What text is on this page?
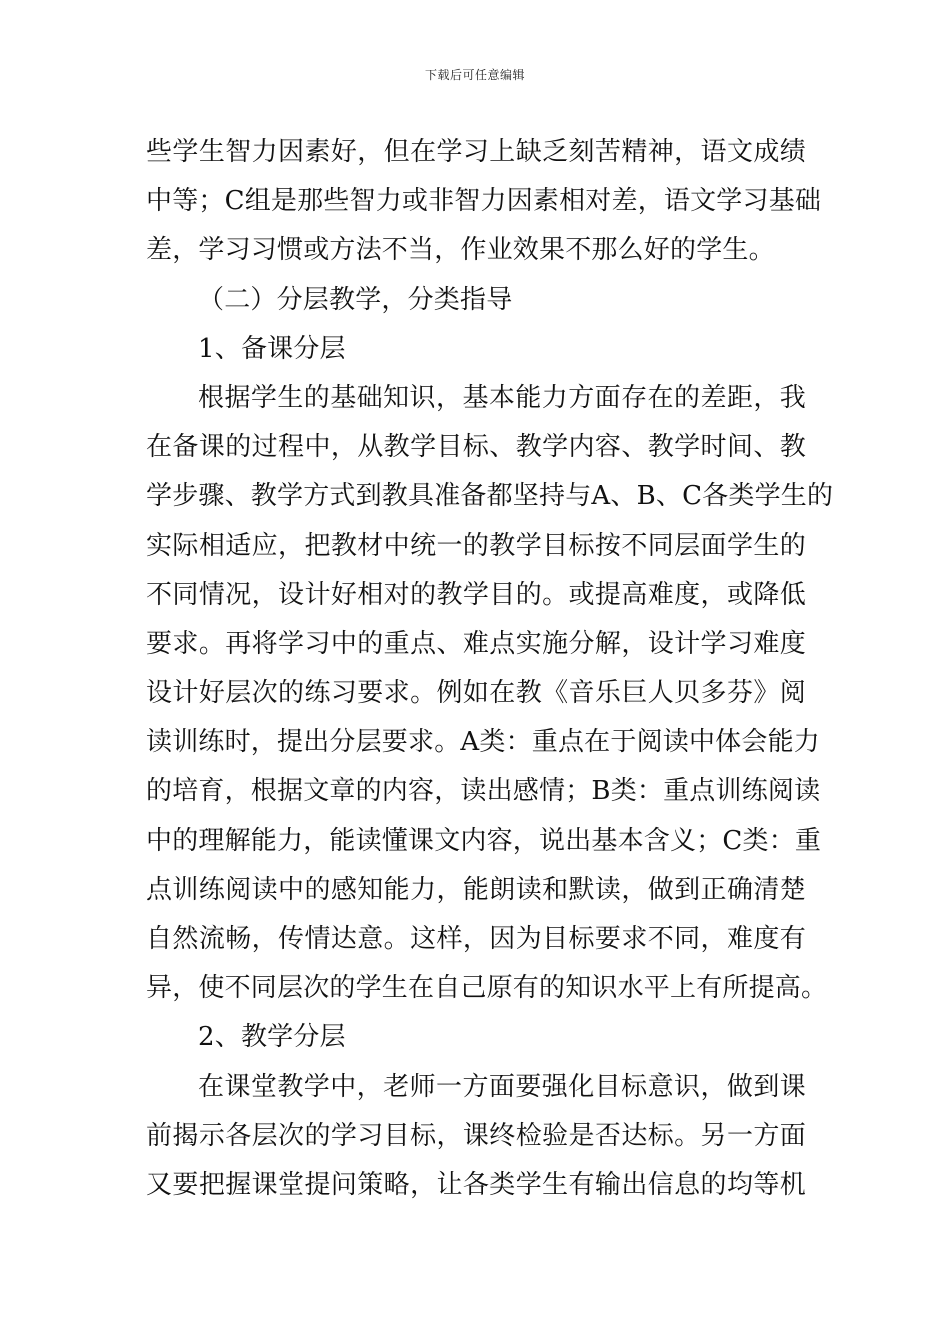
下载后可任意编辑
些学生智力因素好，但在学习上缺乏刻苦精神，语文成绩
中等；C组是那些智力或非智力因素相对差，语文学习基础
差，学习习惯或方法不当，作业效果不那么好的学生。
（二）分层教学，分类指导
1、备课分层
根据学生的基础知识，基本能力方面存在的差距，我
在备课的过程中，从教学目标、教学内容、教学时间、教
学步骤、教学方式到教具准备都坚持与A、B、C各类学生的
实际相适应，把教材中统一的教学目标按不同层面学生的
不同情况，设计好相对的教学目的。或提高难度，或降低
要求。再将学习中的重点、难点实施分解，设计学习难度
设计好层次的练习要求。例如在教《音乐巨人贝多芬》阅
读训练时，提出分层要求。A类：重点在于阅读中体会能力
的培育，根据文章的内容，读出感情；B类：重点训练阅读
中的理解能力，能读懂课文内容，说出基本含义；C类：重
点训练阅读中的感知能力，能朗读和默读，做到正确清楚
自然流畅，传情达意。这样，因为目标要求不同，难度有
异，使不同层次的学生在自己原有的知识水平上有所提高。
2、教学分层
在课堂教学中，老师一方面要强化目标意识，做到课
前揭示各层次的学习目标，课终检验是否达标。另一方面
又要把握课堂提问策略，让各类学生有输出信息的均等机
